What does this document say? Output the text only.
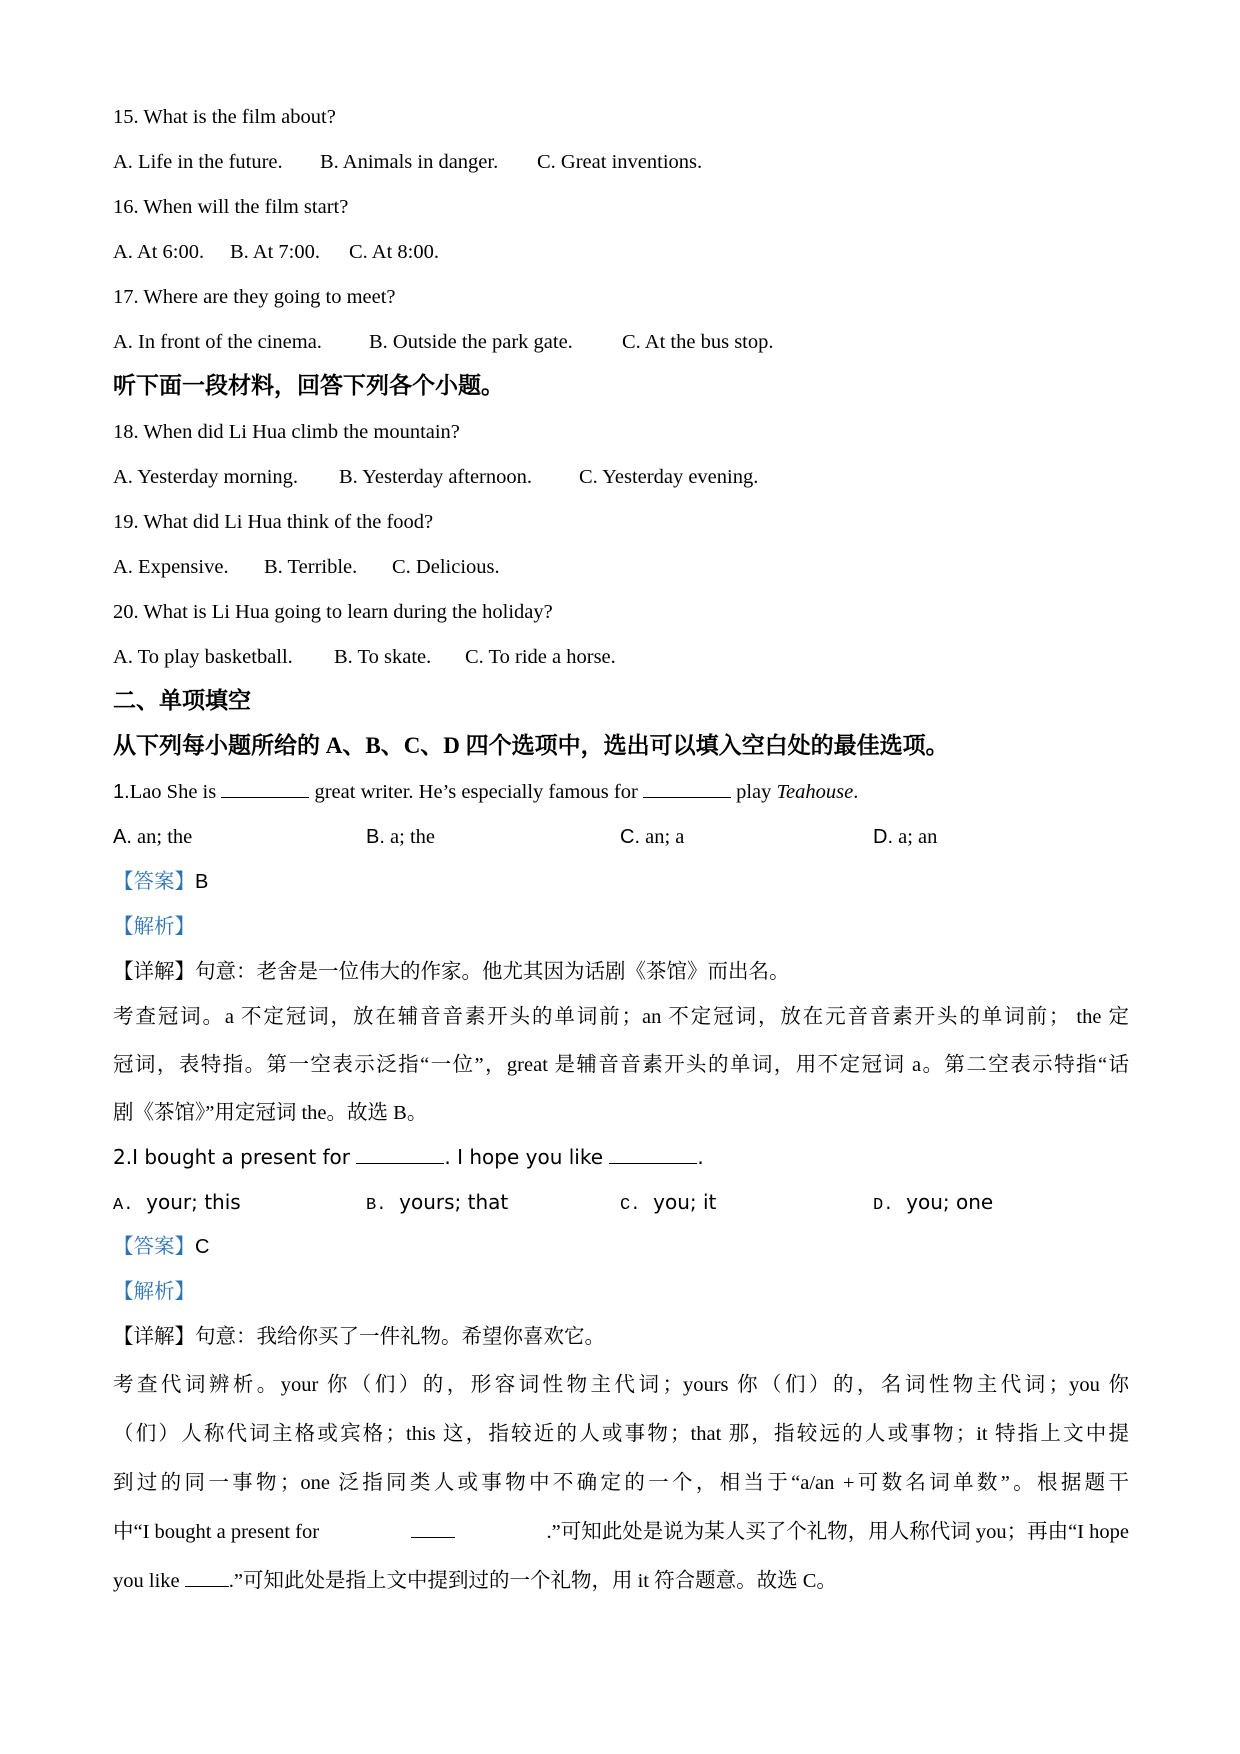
15. What is the film about?
A. Life in the future. B. Animals in danger. C. Great inventions.
16. When will the film start?
A. At 6:00. B. At 7:00. C. At 8:00.
17. Where are they going to meet?
A. In front of the cinema. B. Outside the park gate. C. At the bus stop.
听下面一段材料，回答下列各个小题。
18. When did Li Hua climb the mountain?
A. Yesterday morning. B. Yesterday afternoon. C. Yesterday evening.
19. What did Li Hua think of the food?
A. Expensive. B. Terrible. C. Delicious.
20. What is Li Hua going to learn during the holiday?
A. To play basketball. B. To skate. C. To ride a horse.
二、单项填空
从下列每小题所给的 A、B、C、D 四个选项中，选出可以填入空白处的最佳选项。
1.Lao She is	great writer. He’s especially famous for	play Teahouse.
A. an; the	B. a; the	C. an; a	D. a; an
【答案】B
【解析】
【详解】句意：老舍是一位伟大的作家。他尤其因为话剧《茶馆》而出名。
考查冠词。a 不定冠词，放在辅音音素开头的单词前；an 不定冠词，放在元音音素开头的单词前； the 定
冠词，表特指。第一空表示泛指“一位”，great 是辅音音素开头的单词，用不定冠词 a。第二空表示特指“话
剧《茶馆》”用定冠词 the。故选 B。
2.I bought a present for	. I hope you like	.
A. your; this	B. yours; that	C. you; it	D. you; one
【答案】C
【解析】
【详解】句意：我给你买了一件礼物。希望你喜欢它。
考查代词辨析。your 你（们）的，形容词性物主代词；yours 你（们）的，名词性物主代词；you 你
（们）人称代词主格或宾格；this 这，指较近的人或事物；that 那，指较远的人或事物；it 特指上文中提
到过的同一事物；one 泛指同类人或事物中不确定的一个，相当于“a/an +可数名词单数”。根据题干
中“I bought a present for	.”可知此处是说为某人买了个礼物，用人称代词 you；再由“I hope
you like .”可知此处是指上文中提到过的一个礼物，用 it 符合题意。故选 C。
